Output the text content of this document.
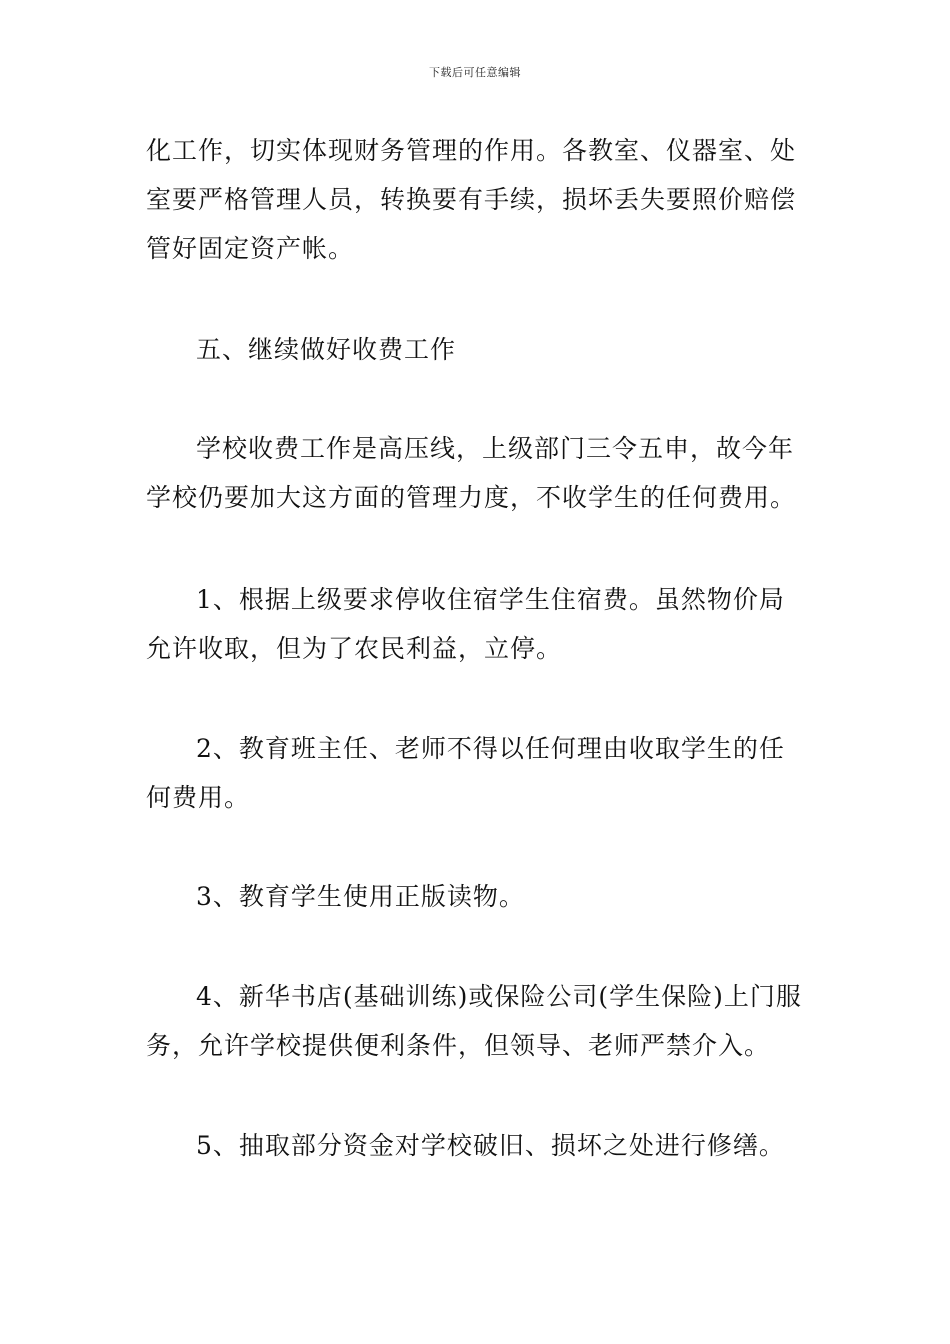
下载后可任意编辑

化工作，切实体现财务管理的作用。各教室、仪器室、处室要严格管理人员，转换要有手续，损坏丢失要照价赔偿管好固定资产帐。

五、继续做好收费工作

学校收费工作是高压线，上级部门三令五申，故今年学校仍要加大这方面的管理力度，不收学生的任何费用。

1、根据上级要求停收住宿学生住宿费。虽然物价局允许收取，但为了农民利益，立停。

2、教育班主任、老师不得以任何理由收取学生的任何费用。

3、教育学生使用正版读物。

4、新华书店(基础训练)或保险公司(学生保险)上门服务，允许学校提供便利条件，但领导、老师严禁介入。

5、抽取部分资金对学校破旧、损坏之处进行修缮。
